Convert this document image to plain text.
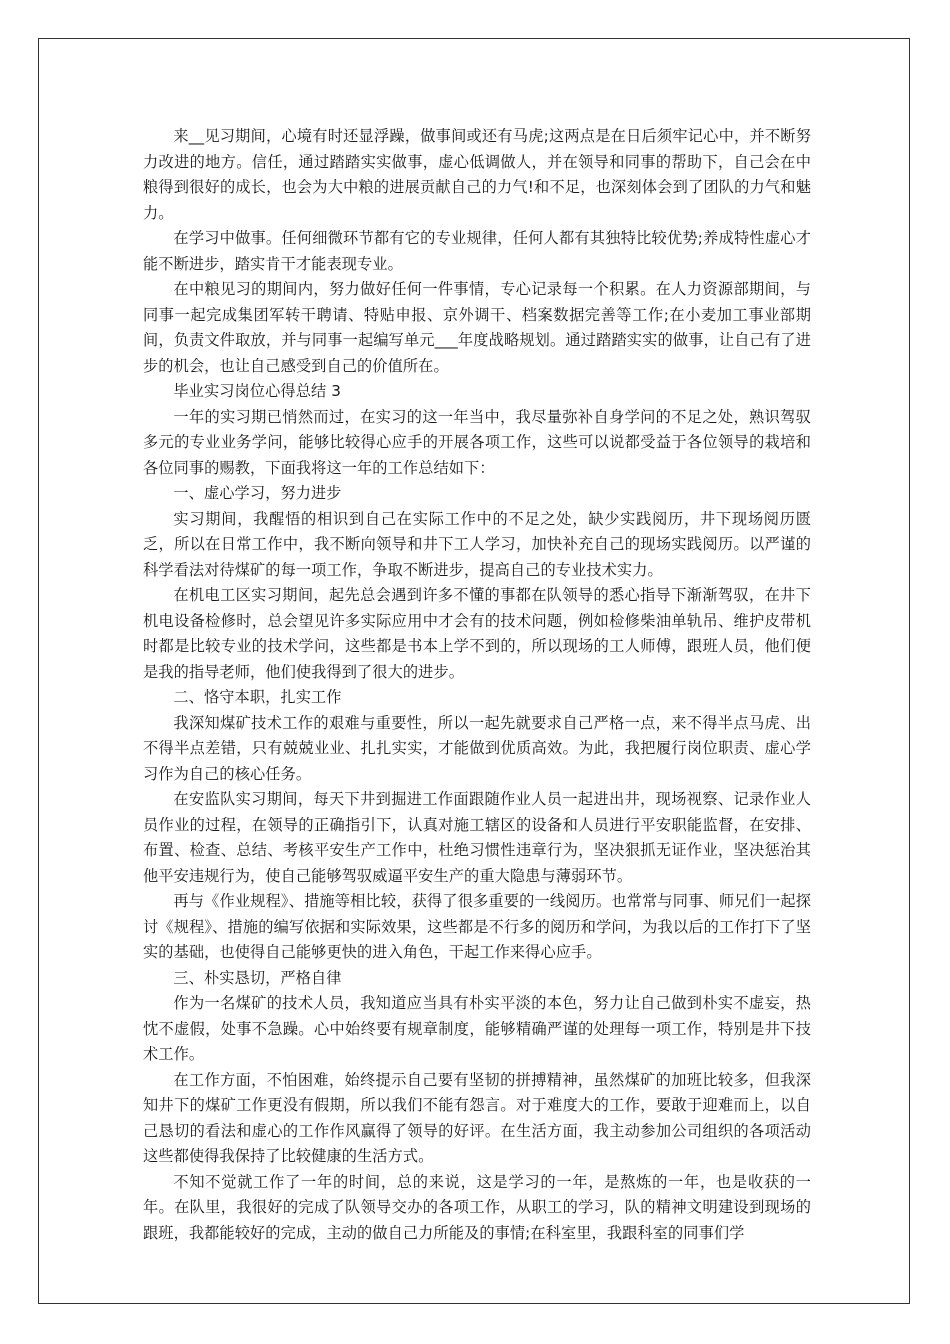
来__见习期间，心境有时还显浮躁，做事间或还有马虎;这两点是在日后须牢记心中，并不断努力改进的地方。信任，通过踏踏实实做事，虚心低调做人，并在领导和同事的帮助下，自己会在中粮得到很好的成长，也会为大中粮的进展贡献自己的力气!和不足，也深刻体会到了团队的力气和魅力。

在学习中做事。任何细微环节都有它的专业规律，任何人都有其独特比较优势;养成特性虚心才能不断进步，踏实肯干才能表现专业。

在中粮见习的期间内，努力做好任何一件事情，专心记录每一个积累。在人力资源部期间，与同事一起完成集团军转干聘请、特贴申报、京外调干、档案数据完善等工作;在小麦加工事业部期间，负责文件取放，并与同事一起编写单元___年度战略规划。通过踏踏实实的做事，让自己有了进步的机会，也让自己感受到自己的价值所在。

毕业实习岗位心得总结 3

一年的实习期已悄然而过，在实习的这一年当中，我尽量弥补自身学问的不足之处，熟识驾驭多元的专业业务学问，能够比较得心应手的开展各项工作，这些可以说都受益于各位领导的栽培和各位同事的赐教，下面我将这一年的工作总结如下：

一、虚心学习，努力进步

实习期间，我醒悟的相识到自己在实际工作中的不足之处，缺少实践阅历，井下现场阅历匮乏，所以在日常工作中，我不断向领导和井下工人学习，加快补充自己的现场实践阅历。以严谨的科学看法对待煤矿的每一项工作，争取不断进步，提高自己的专业技术实力。

在机电工区实习期间，起先总会遇到许多不懂的事都在队领导的悉心指导下渐渐驾驭，在井下机电设备检修时，总会望见许多实际应用中才会有的技术问题，例如检修柴油单轨吊、维护皮带机时都是比较专业的技术学问，这些都是书本上学不到的，所以现场的工人师傅，跟班人员，他们便是我的指导老师，他们使我得到了很大的进步。

二、恪守本职，扎实工作

我深知煤矿技术工作的艰难与重要性，所以一起先就要求自己严格一点，来不得半点马虎、出不得半点差错，只有兢兢业业、扎扎实实，才能做到优质高效。为此，我把履行岗位职责、虚心学习作为自己的核心任务。

在安监队实习期间，每天下井到掘进工作面跟随作业人员一起进出井，现场视察、记录作业人员作业的过程，在领导的正确指引下，认真对施工辖区的设备和人员进行平安职能监督，在安排、布置、检查、总结、考核平安生产工作中，杜绝习惯性违章行为，坚决狠抓无证作业，坚决惩治其他平安违规行为，使自己能够驾驭威逼平安生产的重大隐患与薄弱环节。

再与《作业规程》、措施等相比较，获得了很多重要的一线阅历。也常常与同事、师兄们一起探讨《规程》、措施的编写依据和实际效果，这些都是不行多的阅历和学问，为我以后的工作打下了坚实的基础，也使得自己能够更快的进入角色，干起工作来得心应手。

三、朴实恳切，严格自律

作为一名煤矿的技术人员，我知道应当具有朴实平淡的本色，努力让自己做到朴实不虚妄，热忱不虚假，处事不急躁。心中始终要有规章制度，能够精确严谨的处理每一项工作，特别是井下技术工作。

在工作方面，不怕困难，始终提示自己要有坚韧的拼搏精神，虽然煤矿的加班比较多，但我深知井下的煤矿工作更没有假期，所以我们不能有怨言。对于难度大的工作，要敢于迎难而上，以自己恳切的看法和虚心的工作作风赢得了领导的好评。在生活方面，我主动参加公司组织的各项活动这些都使得我保持了比较健康的生活方式。

不知不觉就工作了一年的时间，总的来说，这是学习的一年，是熬炼的一年，也是收获的一年。在队里，我很好的完成了队领导交办的各项工作，从职工的学习，队的精神文明建设到现场的跟班，我都能较好的完成，主动的做自己力所能及的事情;在科室里，我跟科室的同事们学
